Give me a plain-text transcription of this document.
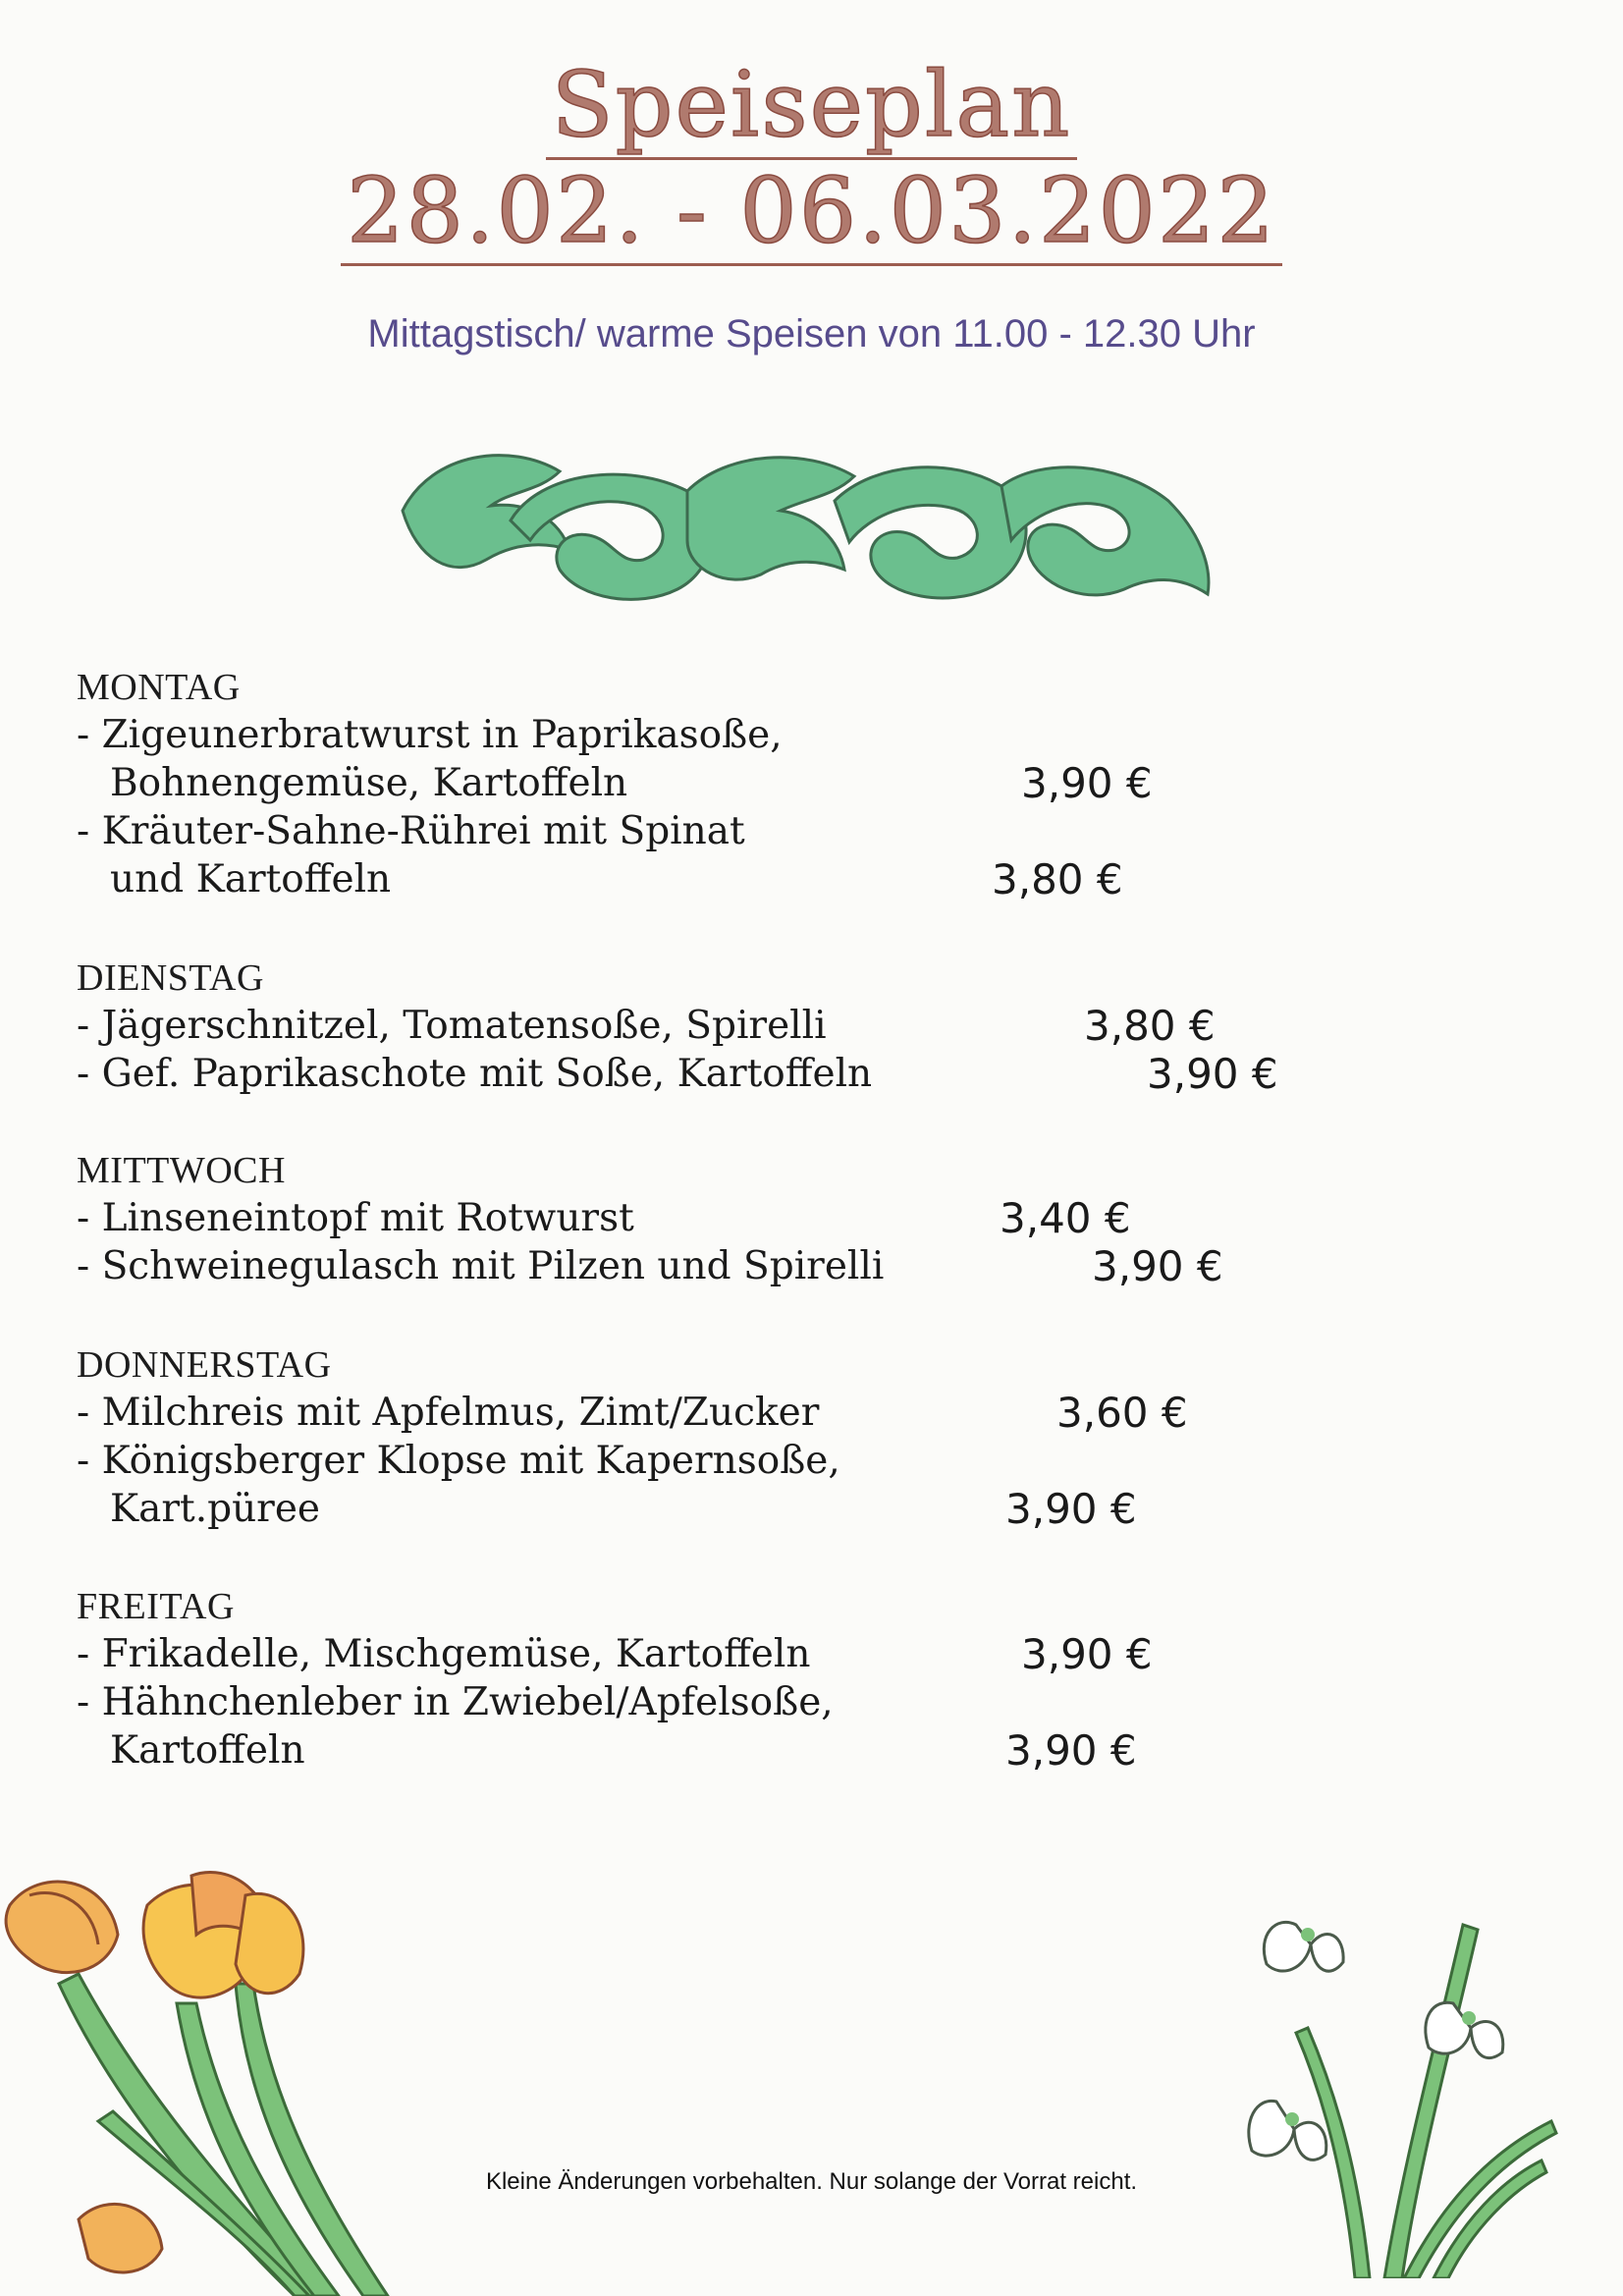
Speiseplan
28.02. - 06.03.2022

Mittagstisch/ warme Speisen von 11.00 - 12.30 Uhr

MONTAG

- Zigeunerbratwurst in Paprikasoße,

Bohnengemüse, Kartoffeln	3,90 €

- Kräuter-Sahne-Rührei mit Spinat

und Kartoffeln	3,80 €

DIENSTAG

- Jägerschnitzel, Tomatensoße, Spirelli	3,80 €

- Gef. Paprikaschote mit Soße, Kartoffeln	3,90 €

MITTWOCH

- Linseneintopf mit Rotwurst	3,40 €

- Schweinegulasch mit Pilzen und Spirelli	3,90 €

DONNERSTAG

- Milchreis mit Apfelmus, Zimt/Zucker	3,60 €

- Königsberger Klopse mit Kapernsoße,

Kart.püree	3,90 €

FREITAG

- Frikadelle, Mischgemüse, Kartoffeln	3,90 €

- Hähnchenleber in Zwiebel/Apfelsoße,

Kartoffeln	3,90 €
Kleine Änderungen vorbehalten. Nur solange der Vorrat reicht.
